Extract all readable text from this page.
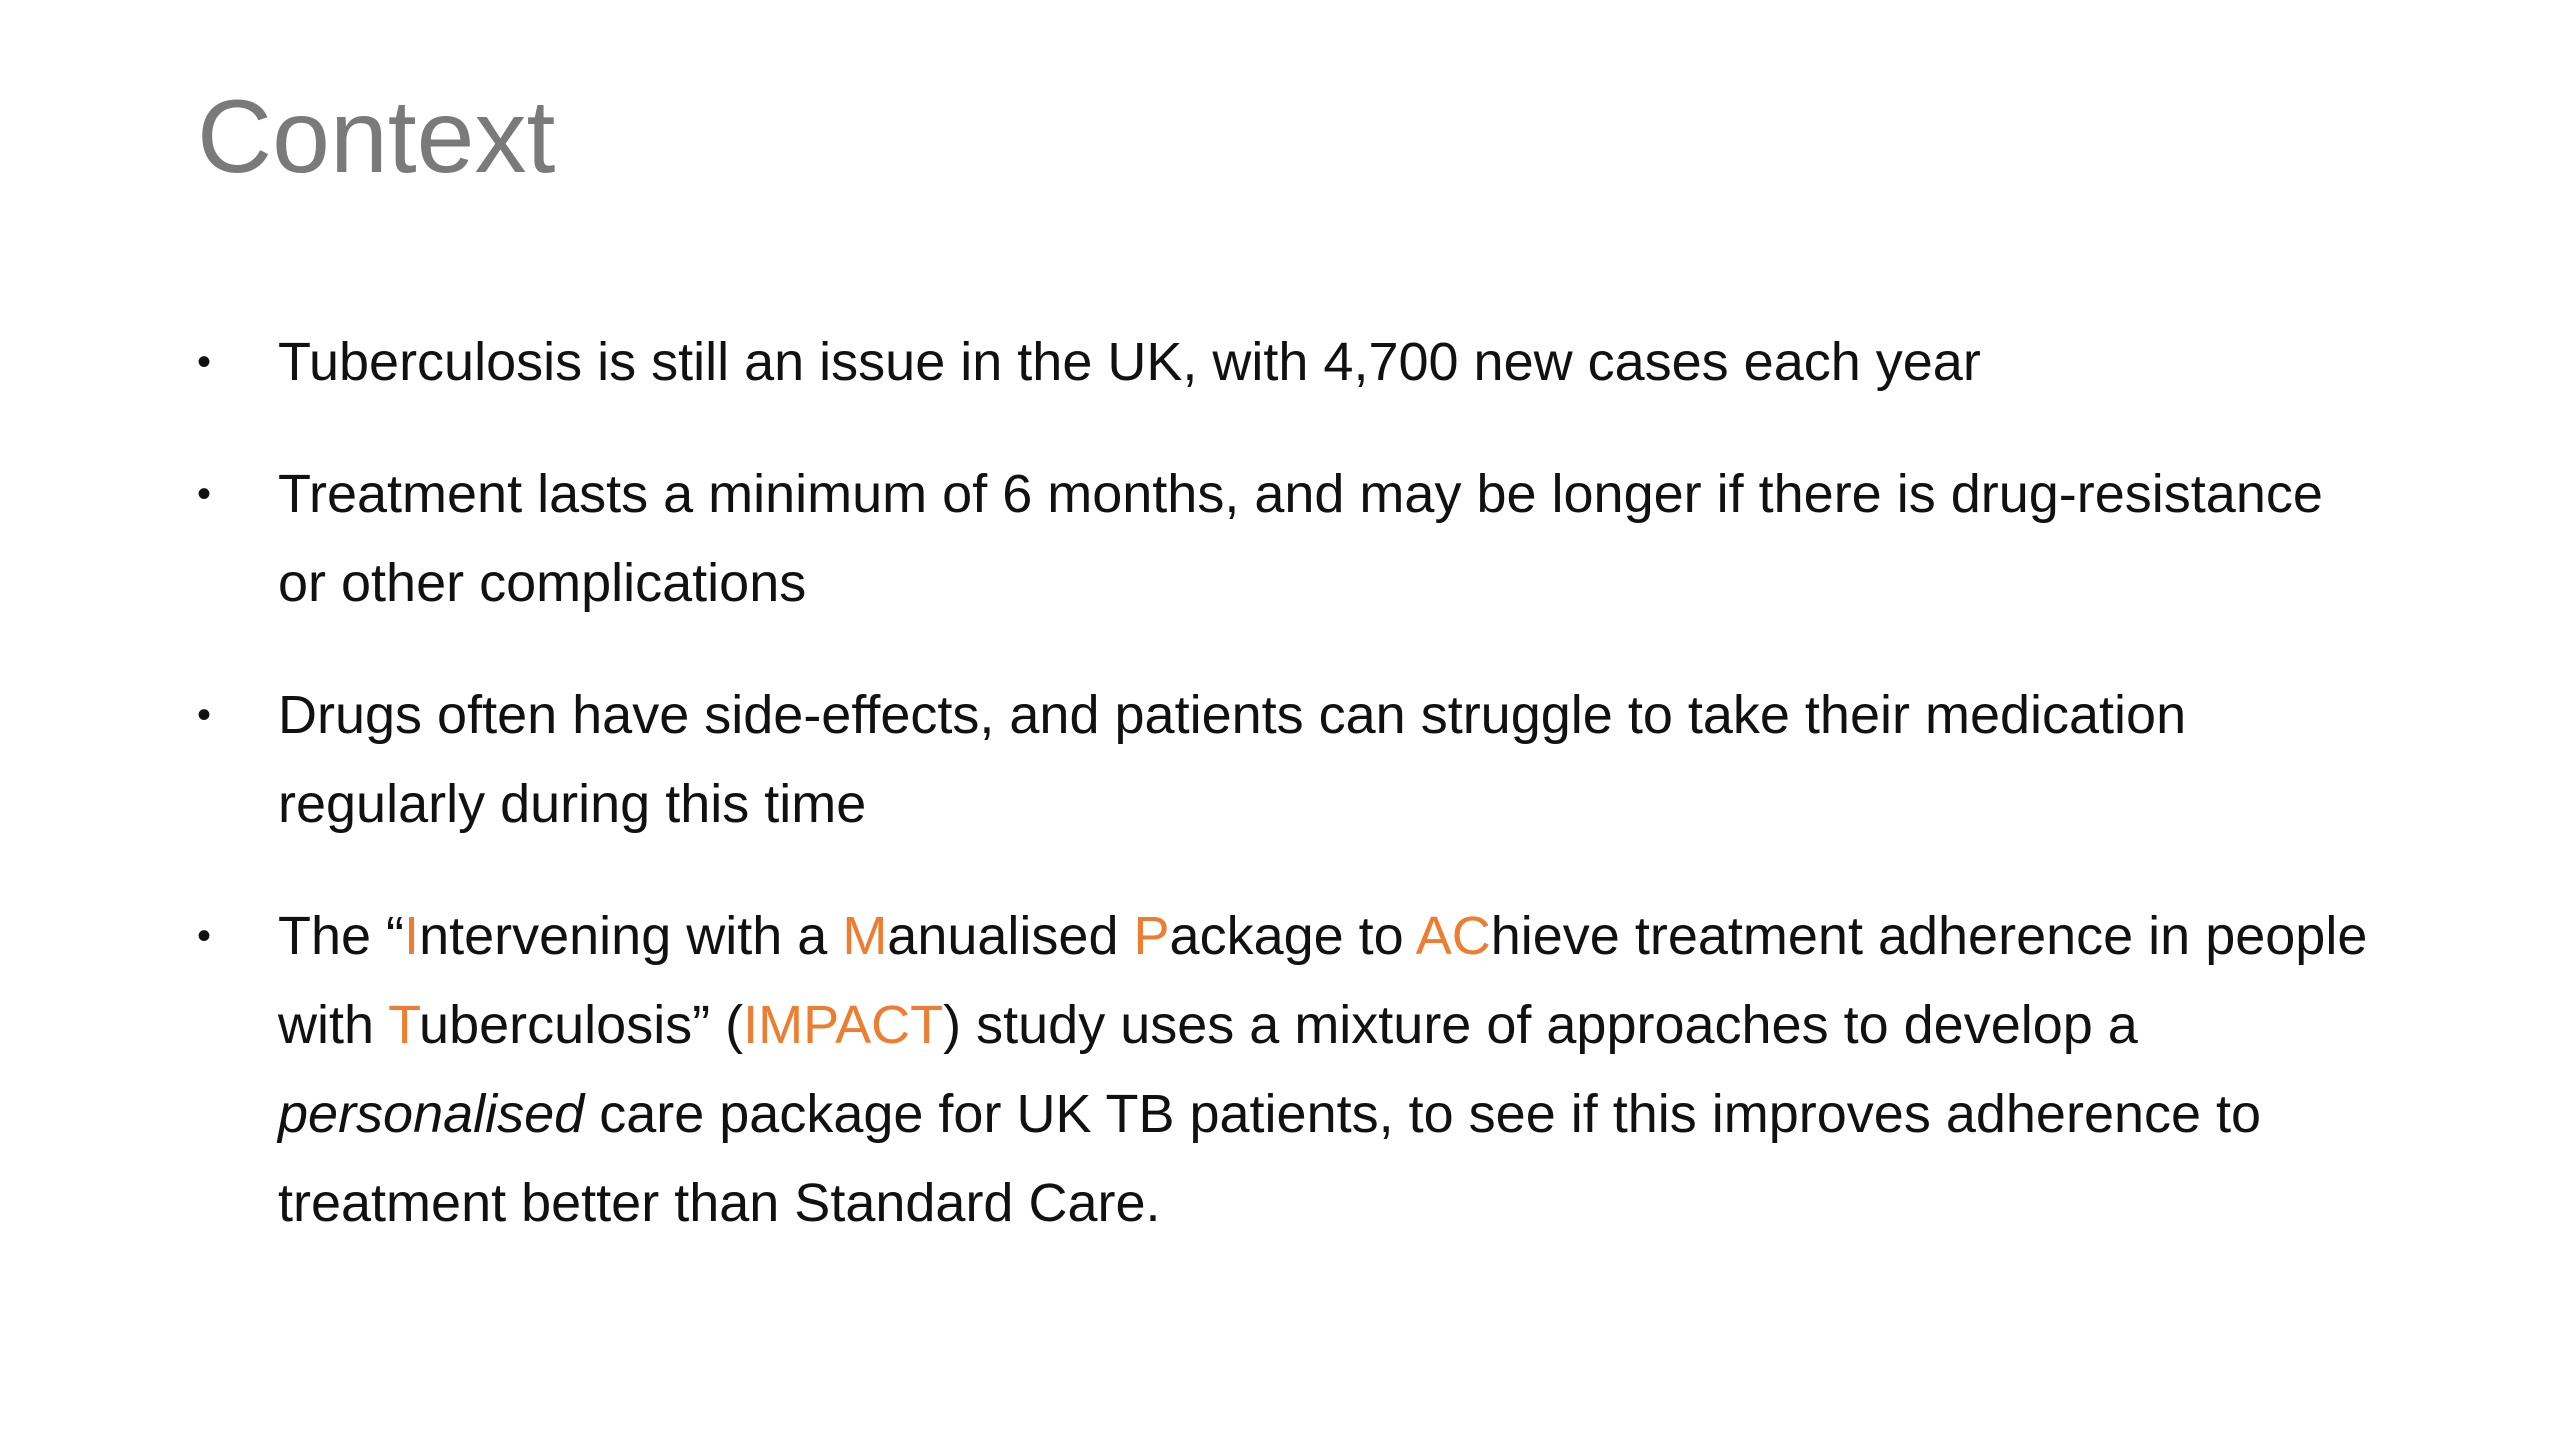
Context
• Tuberculosis is still an issue in the UK, with 4,700 new cases each year
• Treatment lasts a minimum of 6 months, and may be longer if there is drug-resistance or other complications
• Drugs often have side-effects, and patients can struggle to take their medication regularly during this time
• The “Intervening with a Manualised Package to AChieve treatment adherence in people with Tuberculosis” (IMPACT) study uses a mixture of approaches to develop a personalised care package for UK TB patients, to see if this improves adherence to treatment better than Standard Care.
